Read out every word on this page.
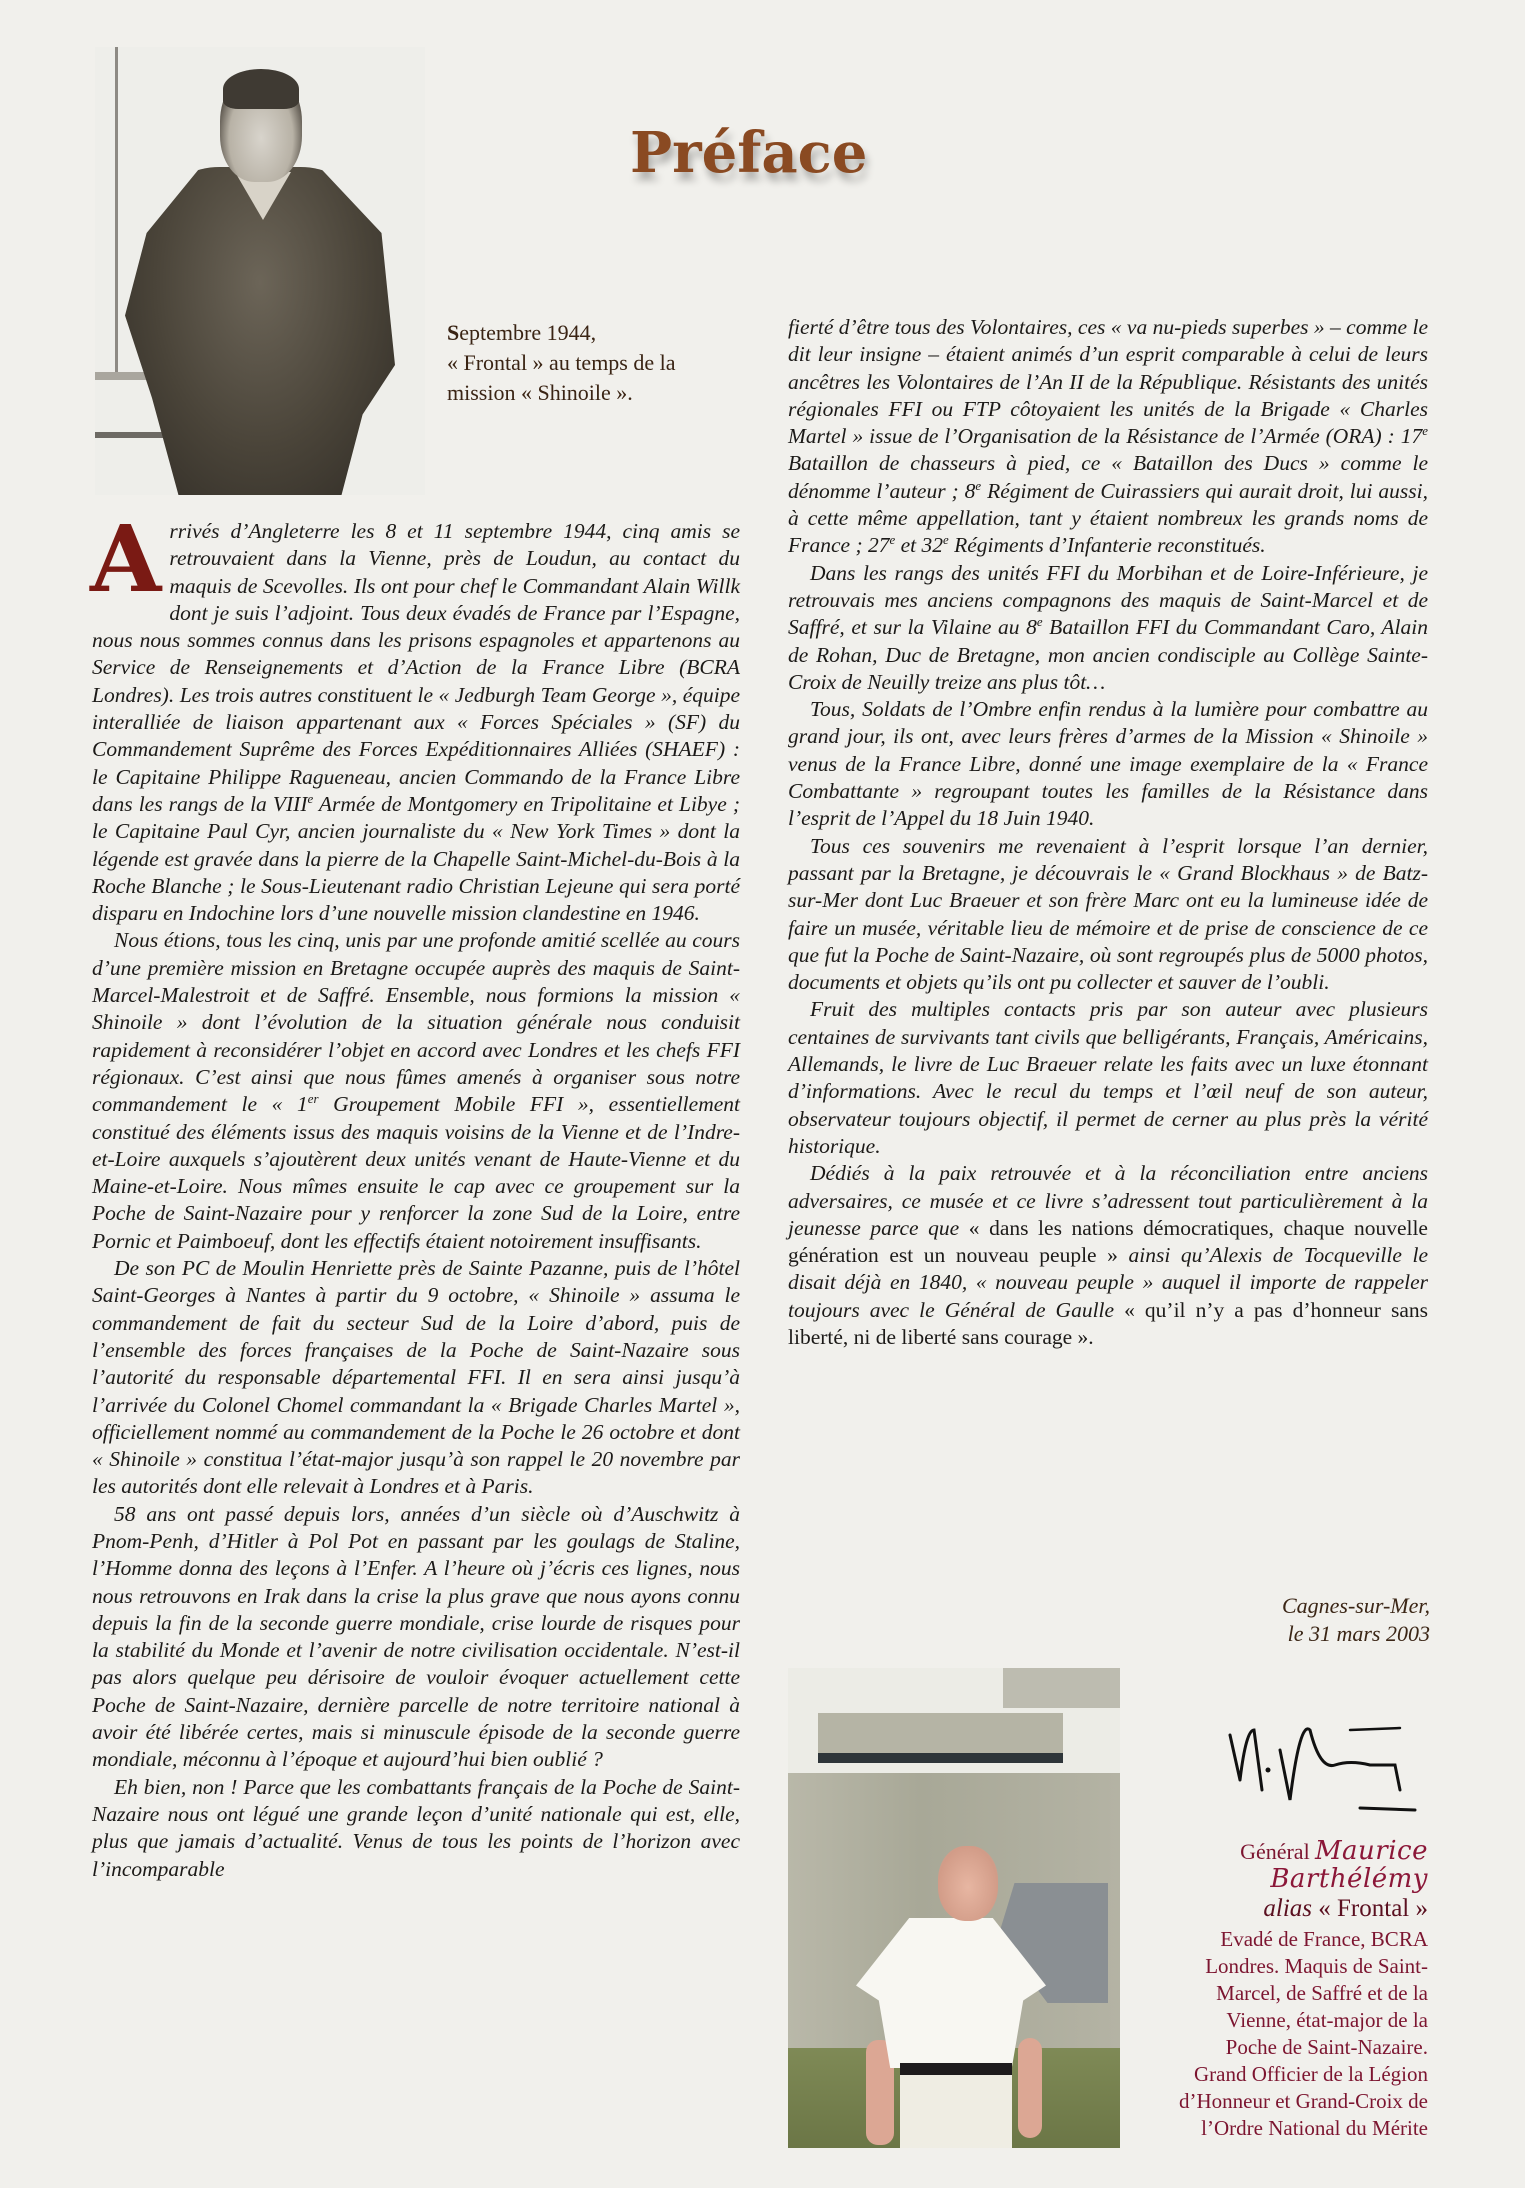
Préface
Septembre 1944,
« Frontal » au temps de la
mission « Shinoile ».

Arrivés d’Angleterre les 8 et 11 septembre 1944, cinq amis se retrouvaient dans la Vienne, près de Loudun, au contact du maquis de Scevolles. Ils ont pour chef le Commandant Alain Willk dont je suis l’adjoint. Tous deux évadés de France par l’Espagne, nous nous sommes connus dans les prisons espagnoles et appartenons au Service de Renseignements et d’Action de la France Libre (BCRA Londres). Les trois autres constituent le « Jedburgh Team George », équipe interalliée de liaison appartenant aux « Forces Spéciales » (SF) du Commandement Suprême des Forces Expéditionnaires Alliées (SHAEF) : le Capitaine Philippe Ragueneau, ancien Commando de la France Libre dans les rangs de la VIIIe Armée de Montgomery en Tripolitaine et Libye ; le Capitaine Paul Cyr, ancien journaliste du « New York Times » dont la légende est gravée dans la pierre de la Chapelle Saint-Michel-du-Bois à la Roche Blanche ; le Sous-Lieutenant radio Christian Lejeune qui sera porté disparu en Indochine lors d’une nouvelle mission clandestine en 1946.

Nous étions, tous les cinq, unis par une profonde amitié scellée au cours d’une première mission en Bretagne occupée auprès des maquis de Saint-Marcel-Malestroit et de Saffré. Ensemble, nous formions la mission « Shinoile » dont l’évolution de la situation générale nous conduisit rapidement à reconsidérer l’objet en accord avec Londres et les chefs FFI régionaux. C’est ainsi que nous fûmes amenés à organiser sous notre commandement le « 1er Groupement Mobile FFI », essentiellement constitué des éléments issus des maquis voisins de la Vienne et de l’Indre-et-Loire auxquels s’ajoutèrent deux unités venant de Haute-Vienne et du Maine-et-Loire. Nous mîmes ensuite le cap avec ce groupement sur la Poche de Saint-Nazaire pour y renforcer la zone Sud de la Loire, entre Pornic et Paimboeuf, dont les effectifs étaient notoirement insuffisants.

De son PC de Moulin Henriette près de Sainte Pazanne, puis de l’hôtel Saint-Georges à Nantes à partir du 9 octobre, « Shinoile » assuma le commandement de fait du secteur Sud de la Loire d’abord, puis de l’ensemble des forces françaises de la Poche de Saint-Nazaire sous l’autorité du responsable départemental FFI. Il en sera ainsi jusqu’à l’arrivée du Colonel Chomel commandant la « Brigade Charles Martel », officiellement nommé au commandement de la Poche le 26 octobre et dont « Shinoile » constitua l’état-major jusqu’à son rappel le 20 novembre par les autorités dont elle relevait à Londres et à Paris.

58 ans ont passé depuis lors, années d’un siècle où d’Auschwitz à Pnom-Penh, d’Hitler à Pol Pot en passant par les goulags de Staline, l’Homme donna des leçons à l’Enfer. A l’heure où j’écris ces lignes, nous nous retrouvons en Irak dans la crise la plus grave que nous ayons connu depuis la fin de la seconde guerre mondiale, crise lourde de risques pour la stabilité du Monde et l’avenir de notre civilisation occidentale. N’est-il pas alors quelque peu dérisoire de vouloir évoquer actuellement cette Poche de Saint-Nazaire, dernière parcelle de notre territoire national à avoir été libérée certes, mais si minuscule épisode de la seconde guerre mondiale, méconnu à l’époque et aujourd’hui bien oublié ?

Eh bien, non ! Parce que les combattants français de la Poche de Saint-Nazaire nous ont légué une grande leçon d’unité nationale qui est, elle, plus que jamais d’actualité. Venus de tous les points de l’horizon avec l’incomparable

fierté d’être tous des Volontaires, ces « va nu-pieds superbes » – comme le dit leur insigne – étaient animés d’un esprit comparable à celui de leurs ancêtres les Volontaires de l’An II de la République. Résistants des unités régionales FFI ou FTP côtoyaient les unités de la Brigade « Charles Martel » issue de l’Organisation de la Résistance de l’Armée (ORA) : 17e Bataillon de chasseurs à pied, ce « Bataillon des Ducs » comme le dénomme l’auteur ; 8e Régiment de Cuirassiers qui aurait droit, lui aussi, à cette même appellation, tant y étaient nombreux les grands noms de France ; 27e et 32e Régiments d’Infanterie reconstitués.

Dans les rangs des unités FFI du Morbihan et de Loire-Inférieure, je retrouvais mes anciens compagnons des maquis de Saint-Marcel et de Saffré, et sur la Vilaine au 8e Bataillon FFI du Commandant Caro, Alain de Rohan, Duc de Bretagne, mon ancien condisciple au Collège Sainte-Croix de Neuilly treize ans plus tôt…

Tous, Soldats de l’Ombre enfin rendus à la lumière pour combattre au grand jour, ils ont, avec leurs frères d’armes de la Mission « Shinoile » venus de la France Libre, donné une image exemplaire de la « France Combattante » regroupant toutes les familles de la Résistance dans l’esprit de l’Appel du 18 Juin 1940.

Tous ces souvenirs me revenaient à l’esprit lorsque l’an dernier, passant par la Bretagne, je découvrais le « Grand Blockhaus » de Batz-sur-Mer dont Luc Braeuer et son frère Marc ont eu la lumineuse idée de faire un musée, véritable lieu de mémoire et de prise de conscience de ce que fut la Poche de Saint-Nazaire, où sont regroupés plus de 5000 photos, documents et objets qu’ils ont pu collecter et sauver de l’oubli.

Fruit des multiples contacts pris par son auteur avec plusieurs centaines de survivants tant civils que belligérants, Français, Américains, Allemands, le livre de Luc Braeuer relate les faits avec un luxe étonnant d’informations. Avec le recul du temps et l’œil neuf de son auteur, observateur toujours objectif, il permet de cerner au plus près la vérité historique.

Dédiés à la paix retrouvée et à la réconciliation entre anciens adversaires, ce musée et ce livre s’adressent tout particulièrement à la jeunesse parce que « dans les nations démocratiques, chaque nouvelle génération est un nouveau peuple » ainsi qu’Alexis de Tocqueville le disait déjà en 1840, « nouveau peuple » auquel il importe de rappeler toujours avec le Général de Gaulle « qu’il n’y a pas d’honneur sans liberté, ni de liberté sans courage ».

Cagnes-sur-Mer,
le 31 mars 2003
Général Maurice
Barthélémy
alias « Frontal »
Evadé de France, BCRA
Londres. Maquis de Saint-
Marcel, de Saffré et de la
Vienne, état-major de la
Poche de Saint-Nazaire.
Grand Officier de la Légion
d’Honneur et Grand-Croix de
l’Ordre National du Mérite
